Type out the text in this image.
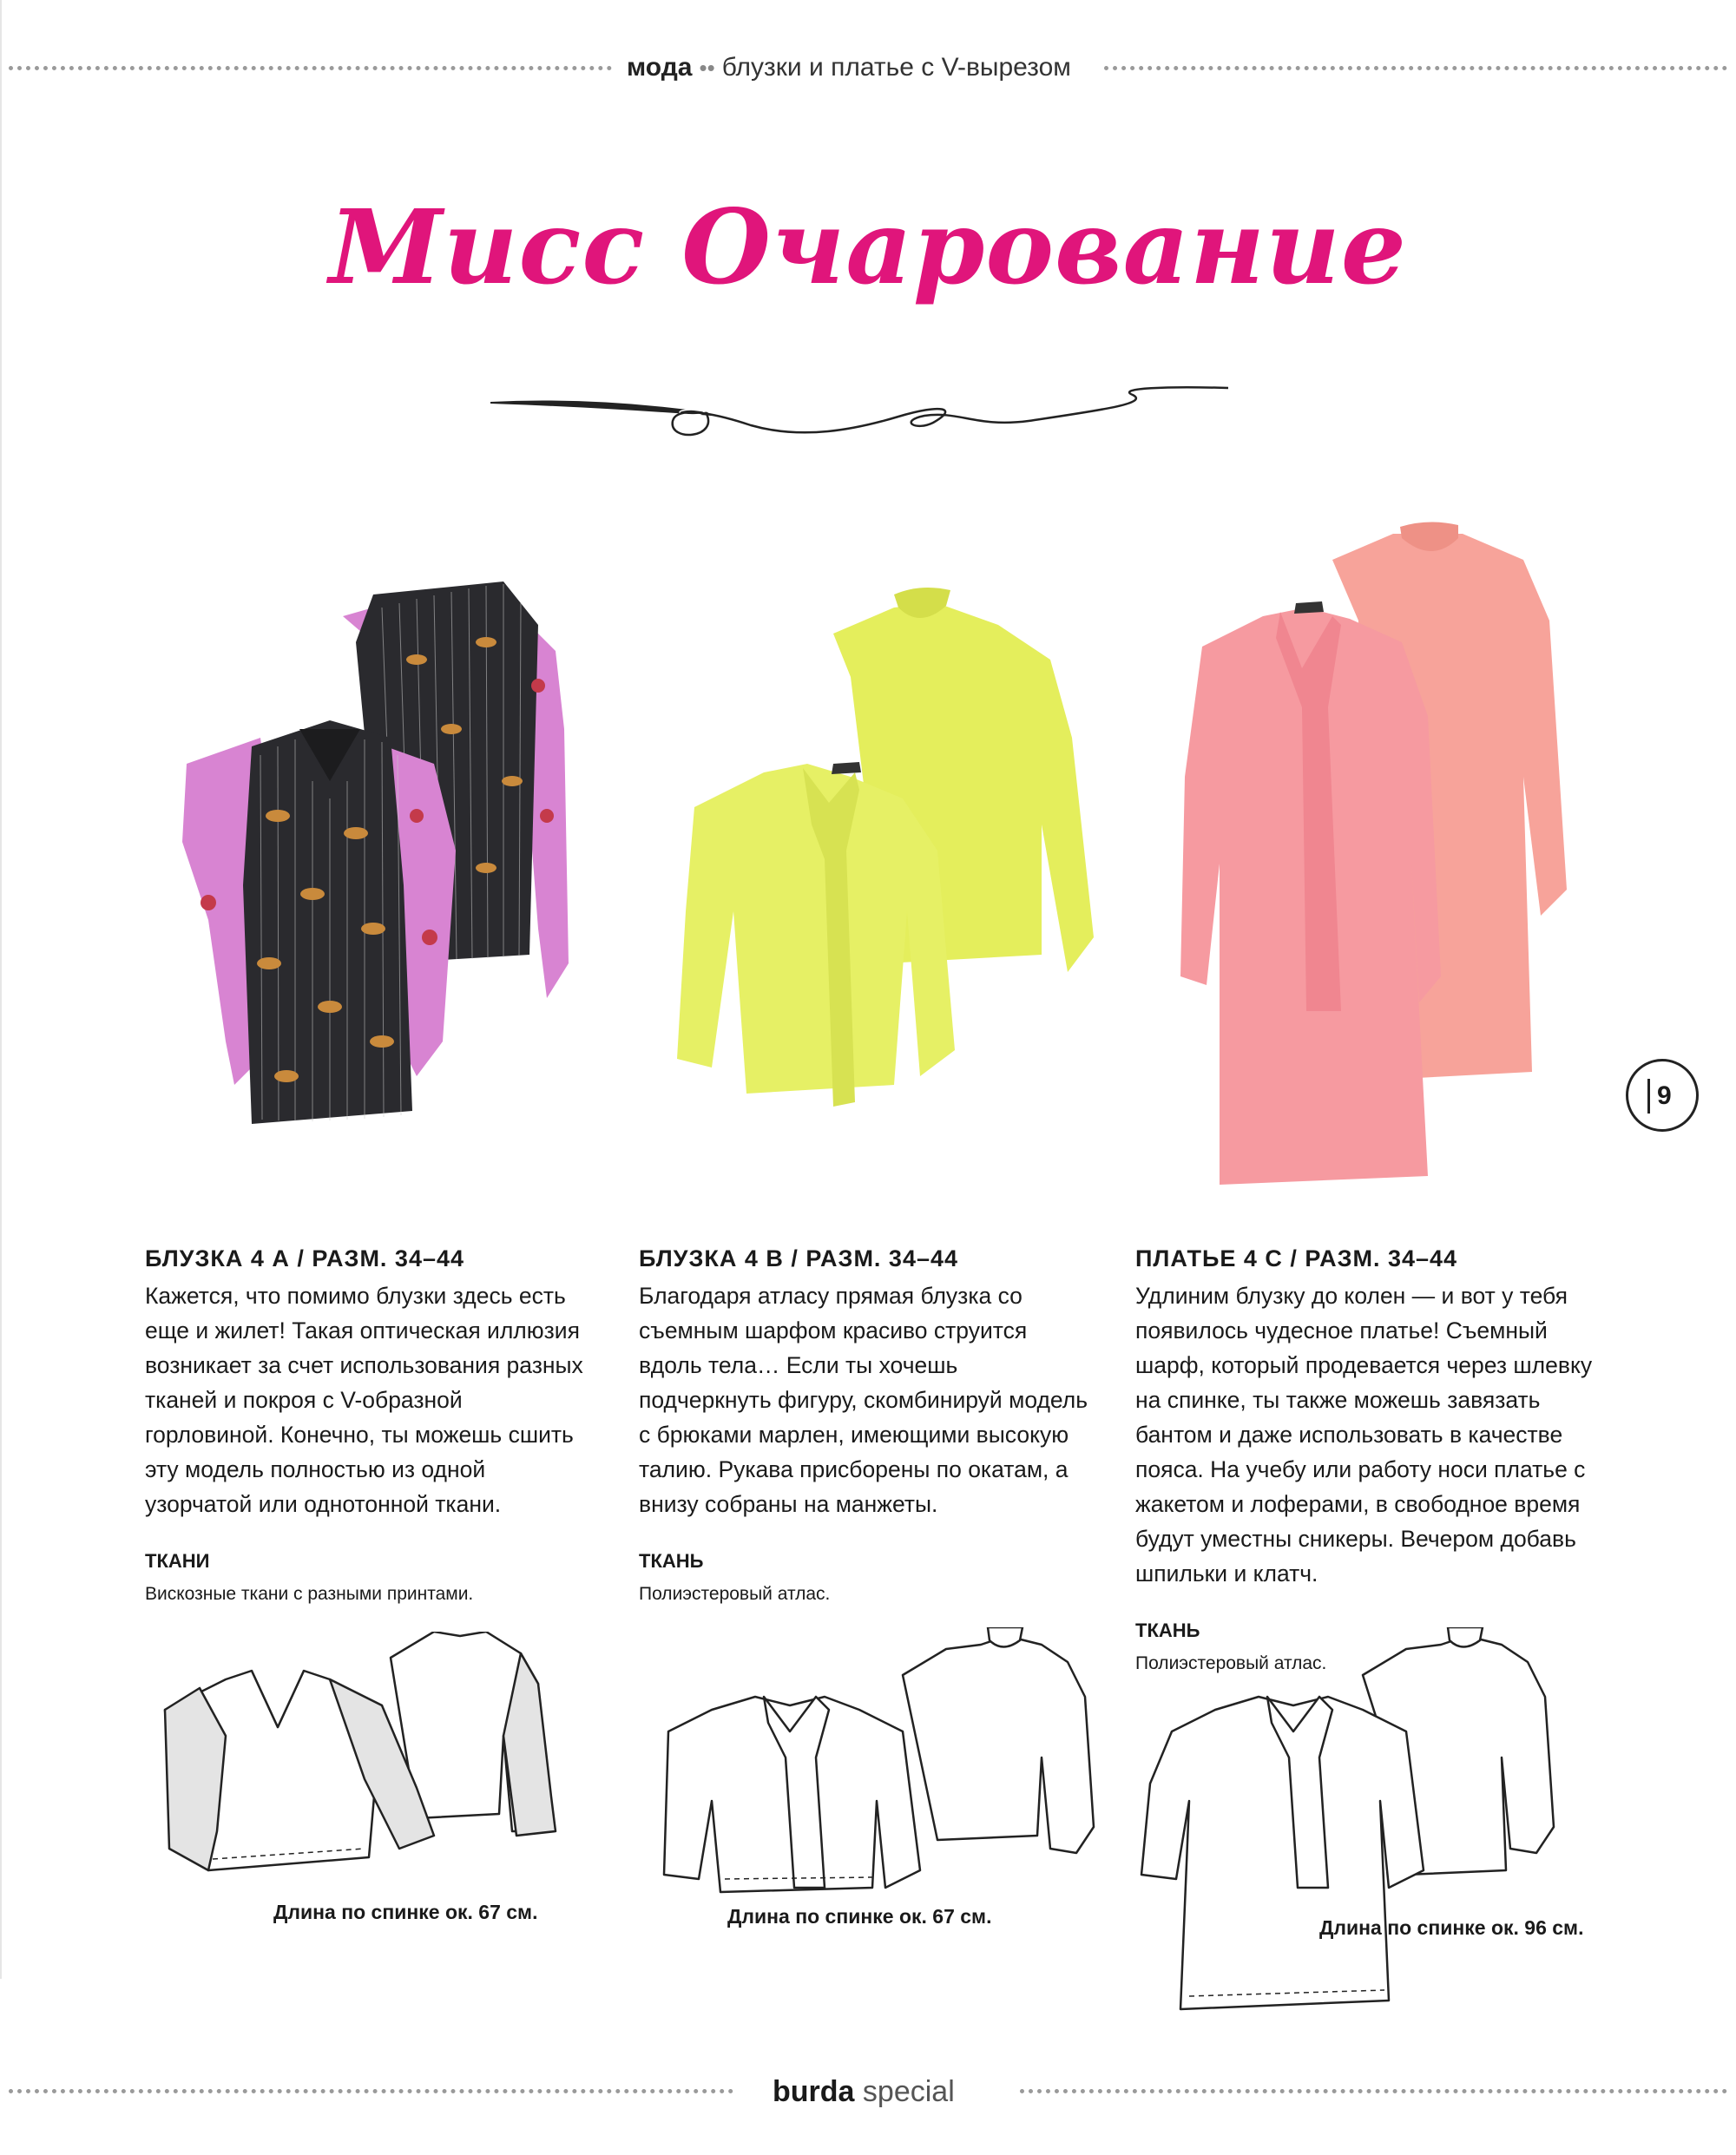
мода •• блузки и платье с V-вырезом
Мисс Очарование
9
БЛУЗКА 4 А / РАЗМ. 34–44

Кажется, что помимо блузки здесь есть еще и жилет! Такая оптическая иллюзия возникает за счет использования разных тканей и покроя с V-образной горловиной. Конечно, ты можешь сшить эту модель полностью из одной узорчатой или однотонной ткани.

ТКАНИ

Вискозные ткани с разными принтами.

БЛУЗКА 4 В / РАЗМ. 34–44

Благодаря атласу прямая блузка со съемным шарфом красиво струится вдоль тела… Если ты хочешь подчеркнуть фигуру, скомбинируй модель с брюками марлен, имеющими высокую талию. Рукава присборены по окатам, а внизу собраны на манжеты.

ТКАНЬ

Полиэстеровый атлас.

ПЛАТЬЕ 4 С / РАЗМ. 34–44

Удлиним блузку до колен — и вот у тебя появилось чудесное платье! Съемный шарф, который продевается через шлевку на спинке, ты также можешь завязать бантом и даже использовать в качестве пояса. На учебу или работу носи платье с жакетом и лоферами, в свободное время будут уместны сникеры. Вечером добавь шпильки и клатч.

ТКАНЬ

Полиэстеровый атлас.

Длина по спинке ок. 67 см.	Длина по спинке ок. 67 см.	Длина по спинке ок. 96 см.
burda special
